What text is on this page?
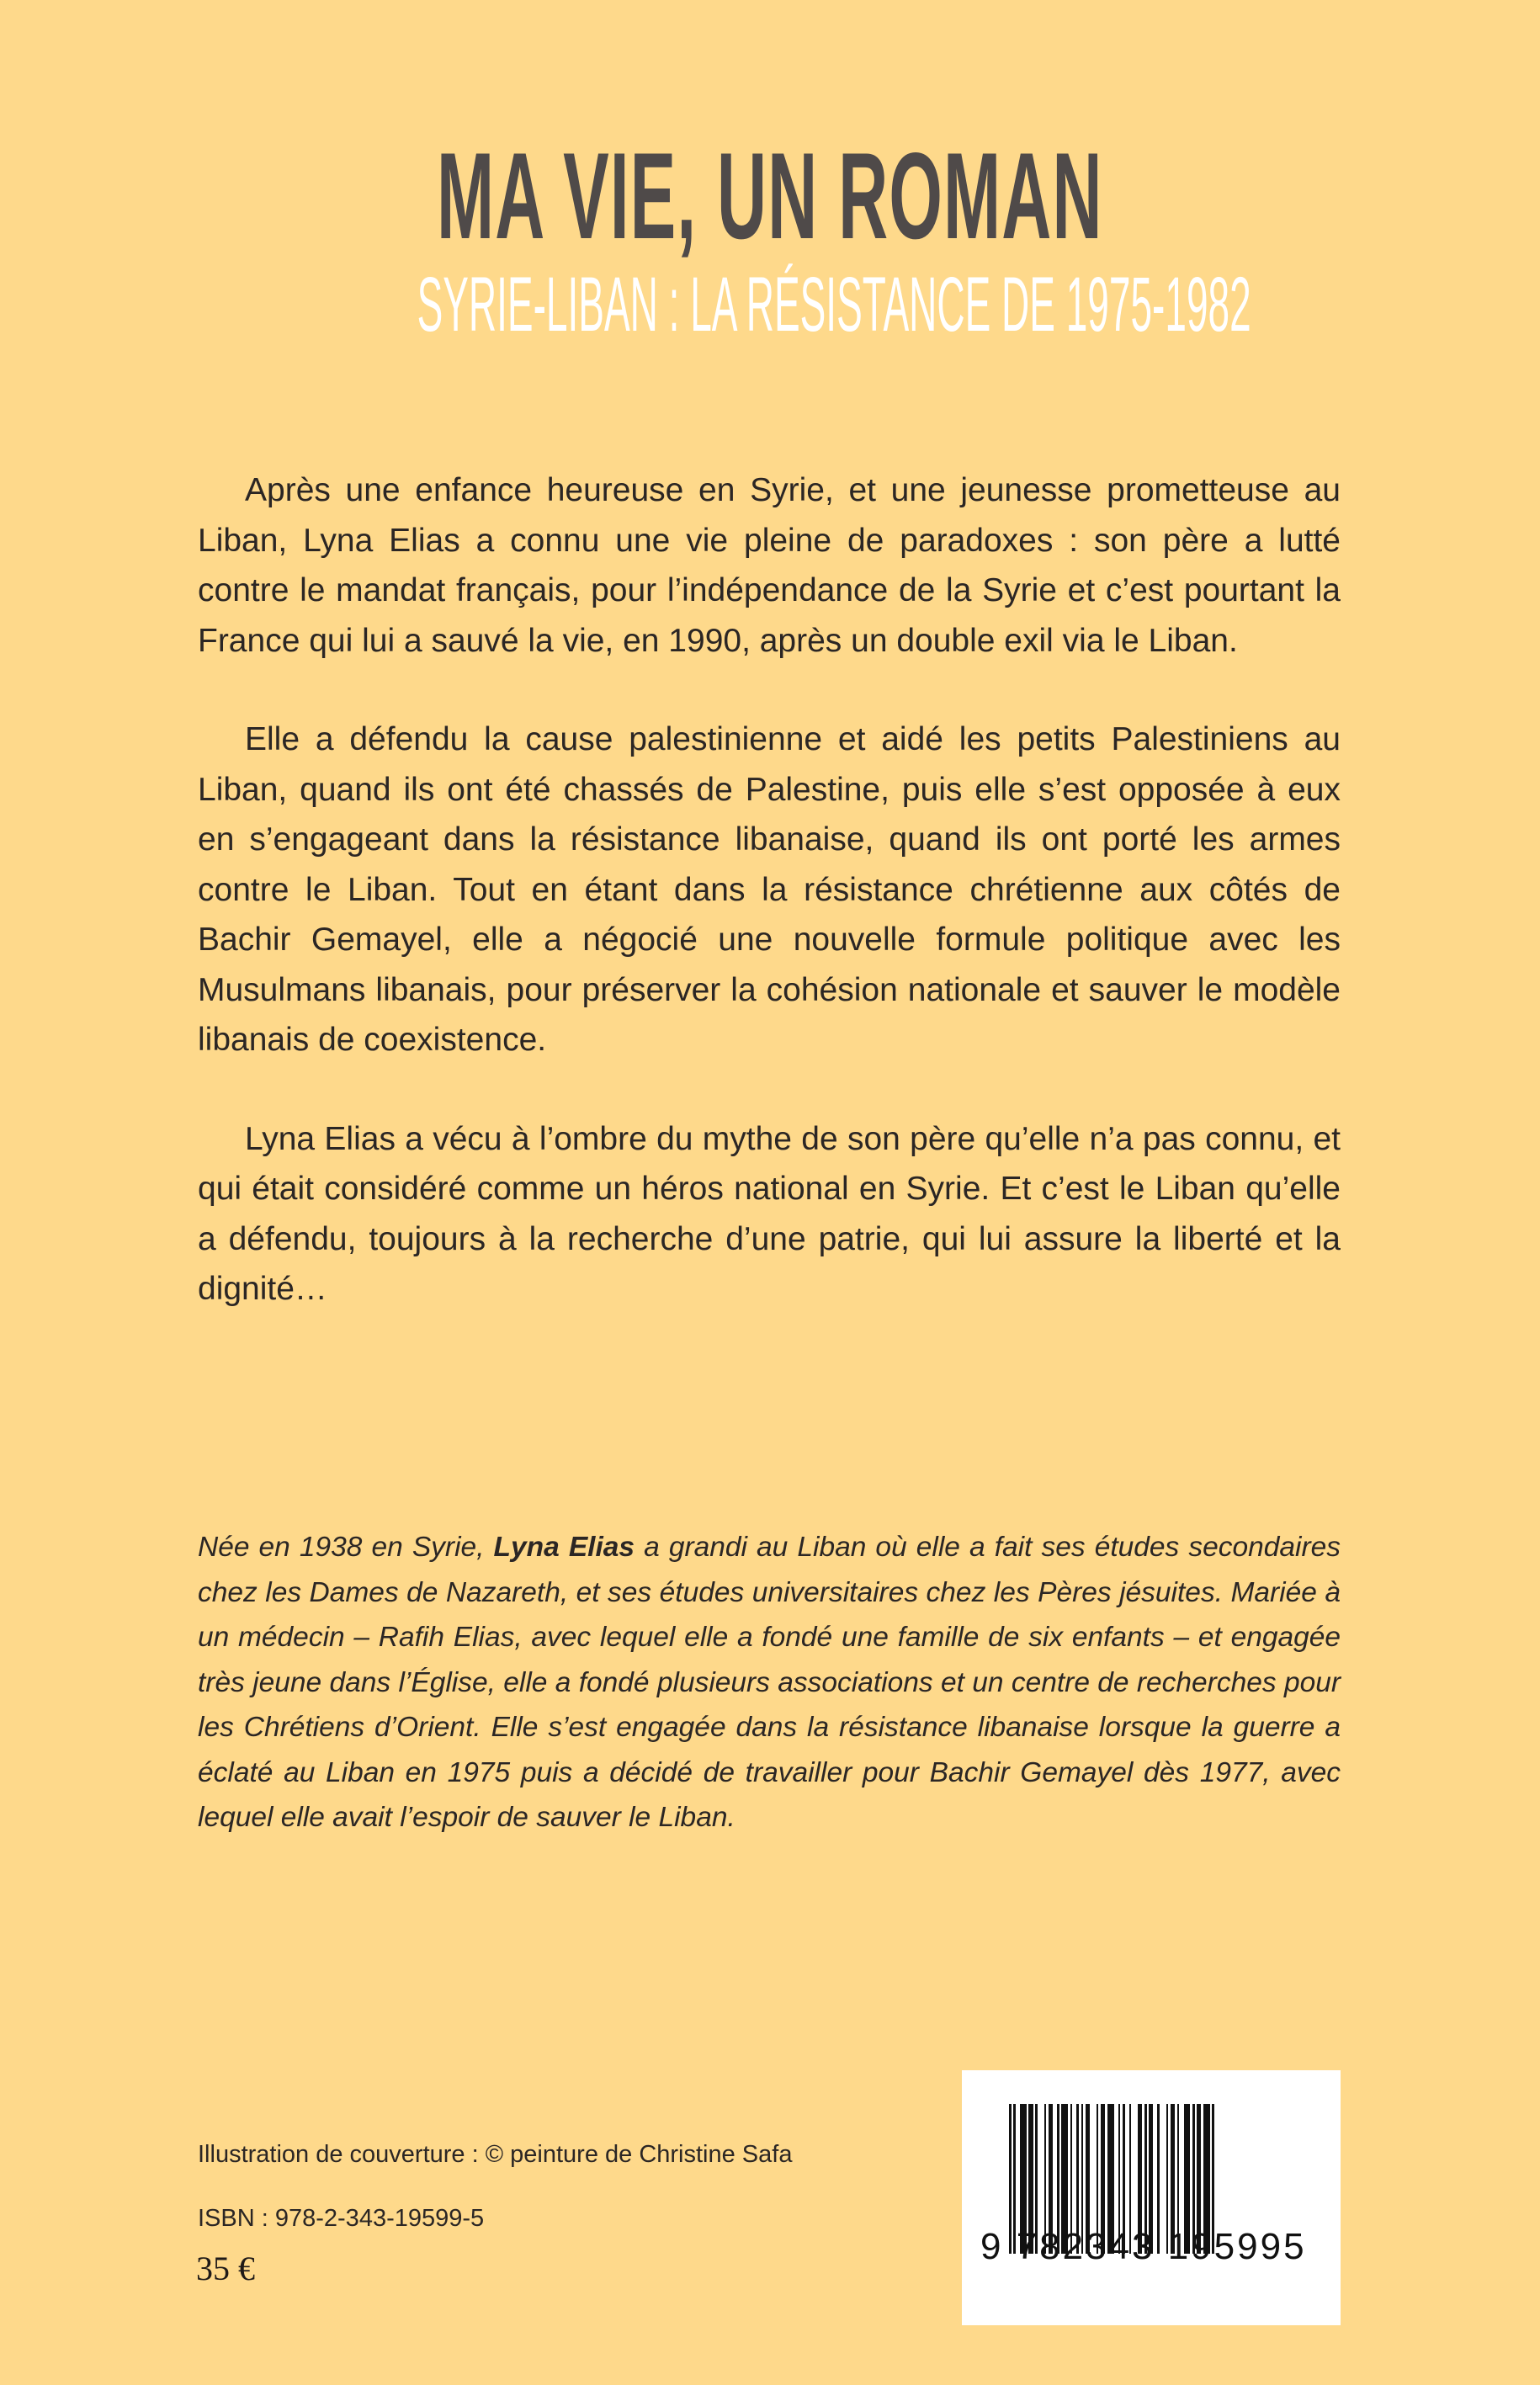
MA VIE, UN ROMAN
SYRIE-LIBAN : LA RÉSISTANCE DE 1975-1982

Après une enfance heureuse en Syrie, et une jeunesse prometteuse au Liban, Lyna Elias a connu une vie pleine de paradoxes : son père a lutté contre le mandat français, pour l’indépendance de la Syrie et c’est pourtant la France qui lui a sauvé la vie, en 1990, après un double exil via le Liban.

Elle a défendu la cause palestinienne et aidé les petits Palestiniens au Liban, quand ils ont été chassés de Palestine, puis elle s’est opposée à eux en s’engageant dans la résistance libanaise, quand ils ont porté les armes contre le Liban. Tout en étant dans la résistance chrétienne aux côtés de Bachir Gemayel, elle a négocié une nouvelle formule politique avec les Musulmans libanais, pour préserver la cohésion nationale et sauver le modèle libanais de coexistence.

Lyna Elias a vécu à l’ombre du mythe de son père qu’elle n’a pas connu, et qui était considéré comme un héros national en Syrie. Et c’est le Liban qu’elle a défendu, toujours à la recherche d’une patrie, qui lui assure la liberté et la dignité…

Née en 1938 en Syrie, Lyna Elias a grandi au Liban où elle a fait ses études secondaires chez les Dames de Nazareth, et ses études universitaires chez les Pères jésuites. Mariée à un médecin – Rafih Elias, avec lequel elle a fondé une famille de six enfants – et engagée très jeune dans l’Église, elle a fondé plusieurs associations et un centre de recherches pour les Chrétiens d’Orient. Elle s’est engagée dans la résistance libanaise lorsque la guerre a éclaté au Liban en 1975 puis a décidé de travailler pour Bachir Gemayel dès 1977, avec lequel elle avait l’espoir de sauver le Liban.
Illustration de couverture : © peinture de Christine Safa
ISBN : 978-2-343-19599-5
35 €
9 782343 195995
